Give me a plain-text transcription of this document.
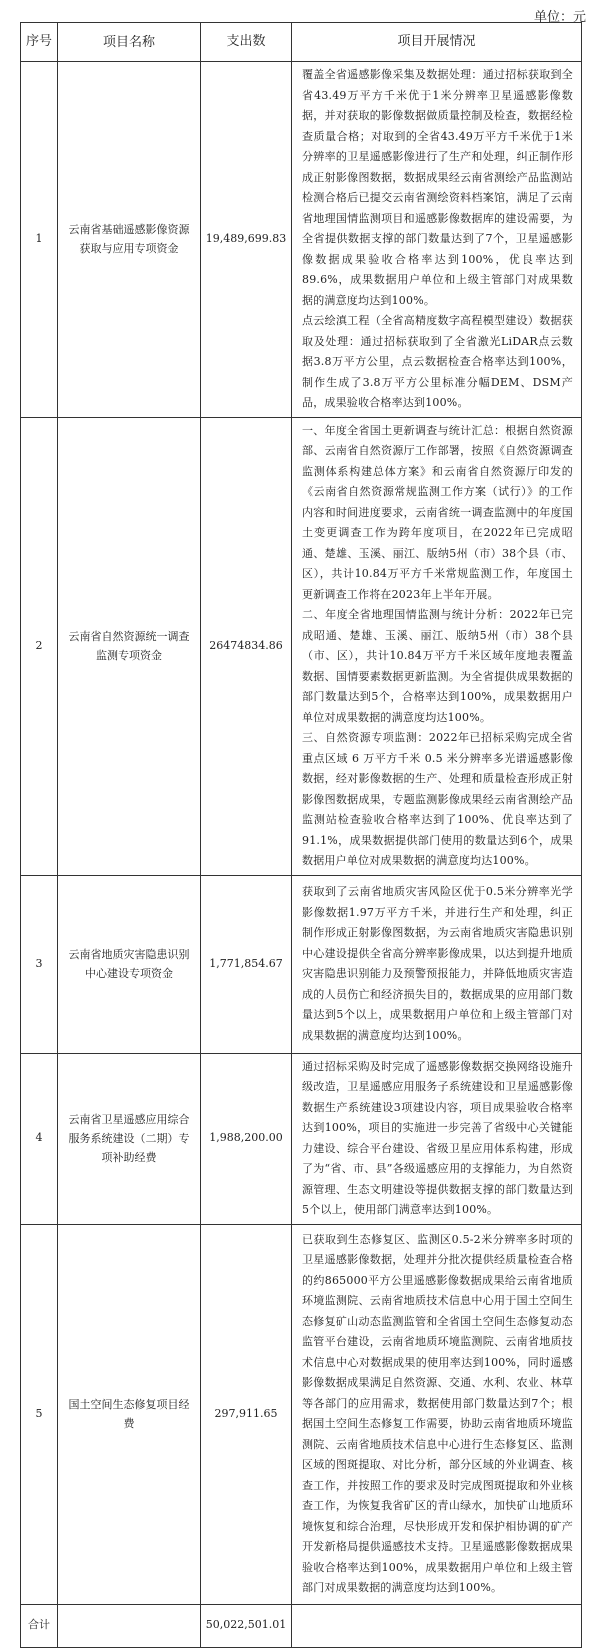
单位：元
序号	项目名称	支出数	项目开展情况
1	云南省基础遥感影像资源获取与应用专项资金	19,489,699.83	覆盖全省遥感影像采集及数据处理：通过招标获取到全省43.49万平方千米优于1米分辨率卫星遥感影像数据，并对获取的影像数据做质量控制及检查，数据经检查质量合格；对取到的全省43.49万平方千米优于1米分辨率的卫星遥感影像进行了生产和处理，纠正制作形成正射影像图数据，数据成果经云南省测绘产品监测站检测合格后已提交云南省测绘资料档案馆，满足了云南省地理国情监测项目和遥感影像数据库的建设需要，为全省提供数据支撑的部门数量达到了7个，卫星遥感影像数据成果验收合格率达到100%，优良率达到89.6%，成果数据用户单位和上级主管部门对成果数据的满意度均达到100%。

点云绘滇工程（全省高精度数字高程模型建设）数据获取及处理：通过招标获取到了全省激光LiDAR点云数据3.8万平方公里，点云数据检查合格率达到100%，制作生成了3.8万平方公里标准分幅DEM、DSM产品，成果验收合格率达到100%。

2	云南省自然资源统一调查监测专项资金	26474834.86	一、年度全省国土更新调查与统计汇总：根据自然资源部、云南省自然资源厅工作部署，按照《自然资源调查监测体系构建总体方案》和云南省自然资源厅印发的《云南省自然资源常规监测工作方案（试行）》的工作内容和时间进度要求，云南省统一调查监测中的年度国土变更调查工作为跨年度项目，在2022年已完成昭通、楚雄、玉溪、丽江、版纳5州（市）38个县（市、区），共计10.84万平方千米常规监测工作，年度国土更新调查工作将在2023年上半年开展。

二、年度全省地理国情监测与统计分析：2022年已完成昭通、楚雄、玉溪、丽江、版纳5州（市）38个县（市、区），共计10.84万平方千米区域年度地表覆盖数据、国情要素数据更新监测。为全省提供成果数据的部门数量达到5个，合格率达到100%，成果数据用户单位对成果数据的满意度均达100%。

三、自然资源专项监测：2022年已招标采购完成全省重点区域 6 万平方千米 0.5 米分辨率多光谱遥感影像数据，经对影像数据的生产、处理和质量检查形成正射影像图数据成果，专题监测影像成果经云南省测绘产品监测站检查验收合格率达到了100%、优良率达到了91.1%，成果数据提供部门使用的数量达到6个，成果数据用户单位对成果数据的满意度均达100%。

3	云南省地质灾害隐患识别中心建设专项资金	1,771,854.67	获取到了云南省地质灾害风险区优于0.5米分辨率光学影像数据1.97万平方千米，并进行生产和处理，纠正制作形成正射影像图数据，为云南省地质灾害隐患识别中心建设提供全省高分辨率影像成果，以达到提升地质灾害隐患识别能力及预警预报能力，并降低地质灾害造成的人员伤亡和经济损失目的，数据成果的应用部门数量达到5个以上，成果数据用户单位和上级主管部门对成果数据的满意度均达到100%。

4	云南省卫星遥感应用综合服务系统建设（二期）专项补助经费	1,988,200.00	通过招标采购及时完成了遥感影像数据交换网络设施升级改造，卫星遥感应用服务子系统建设和卫星遥感影像数据生产系统建设3项建设内容，项目成果验收合格率达到100%，项目的实施进一步完善了省级中心关键能力建设、综合平台建设、省级卫星应用体系构建，形成了为“省、市、县”各级遥感应用的支撑能力，为自然资源管理、生态文明建设等提供数据支撑的部门数量达到5个以上，使用部门满意率达到100%。

5	国土空间生态修复项目经费	297,911.65	已获取到生态修复区、监测区0.5-2米分辨率多时项的卫星遥感影像数据，处理并分批次提供经质量检查合格的约865000平方公里遥感影像数据成果给云南省地质环境监测院、云南省地质技术信息中心用于国土空间生态修复矿山动态监测监管和全省国土空间生态修复动态监管平台建设，云南省地质环境监测院、云南省地质技术信息中心对数据成果的使用率达到100%，同时遥感影像数据成果满足自然资源、交通、水利、农业、林草等各部门的应用需求，数据使用部门数量达到7个；根据国土空间生态修复工作需要，协助云南省地质环境监测院、云南省地质技术信息中心进行生态修复区、监测区域的图斑提取、对比分析，部分区域的外业调查、核查工作，并按照工作的要求及时完成图斑提取和外业核查工作，为恢复我省矿区的青山绿水，加快矿山地质环境恢复和综合治理，尽快形成开发和保护相协调的矿产开发新格局提供遥感技术支持。卫星遥感影像数据成果验收合格率达到100%，成果数据用户单位和上级主管部门对成果数据的满意度均达到100%。

合计		50,022,501.01	
